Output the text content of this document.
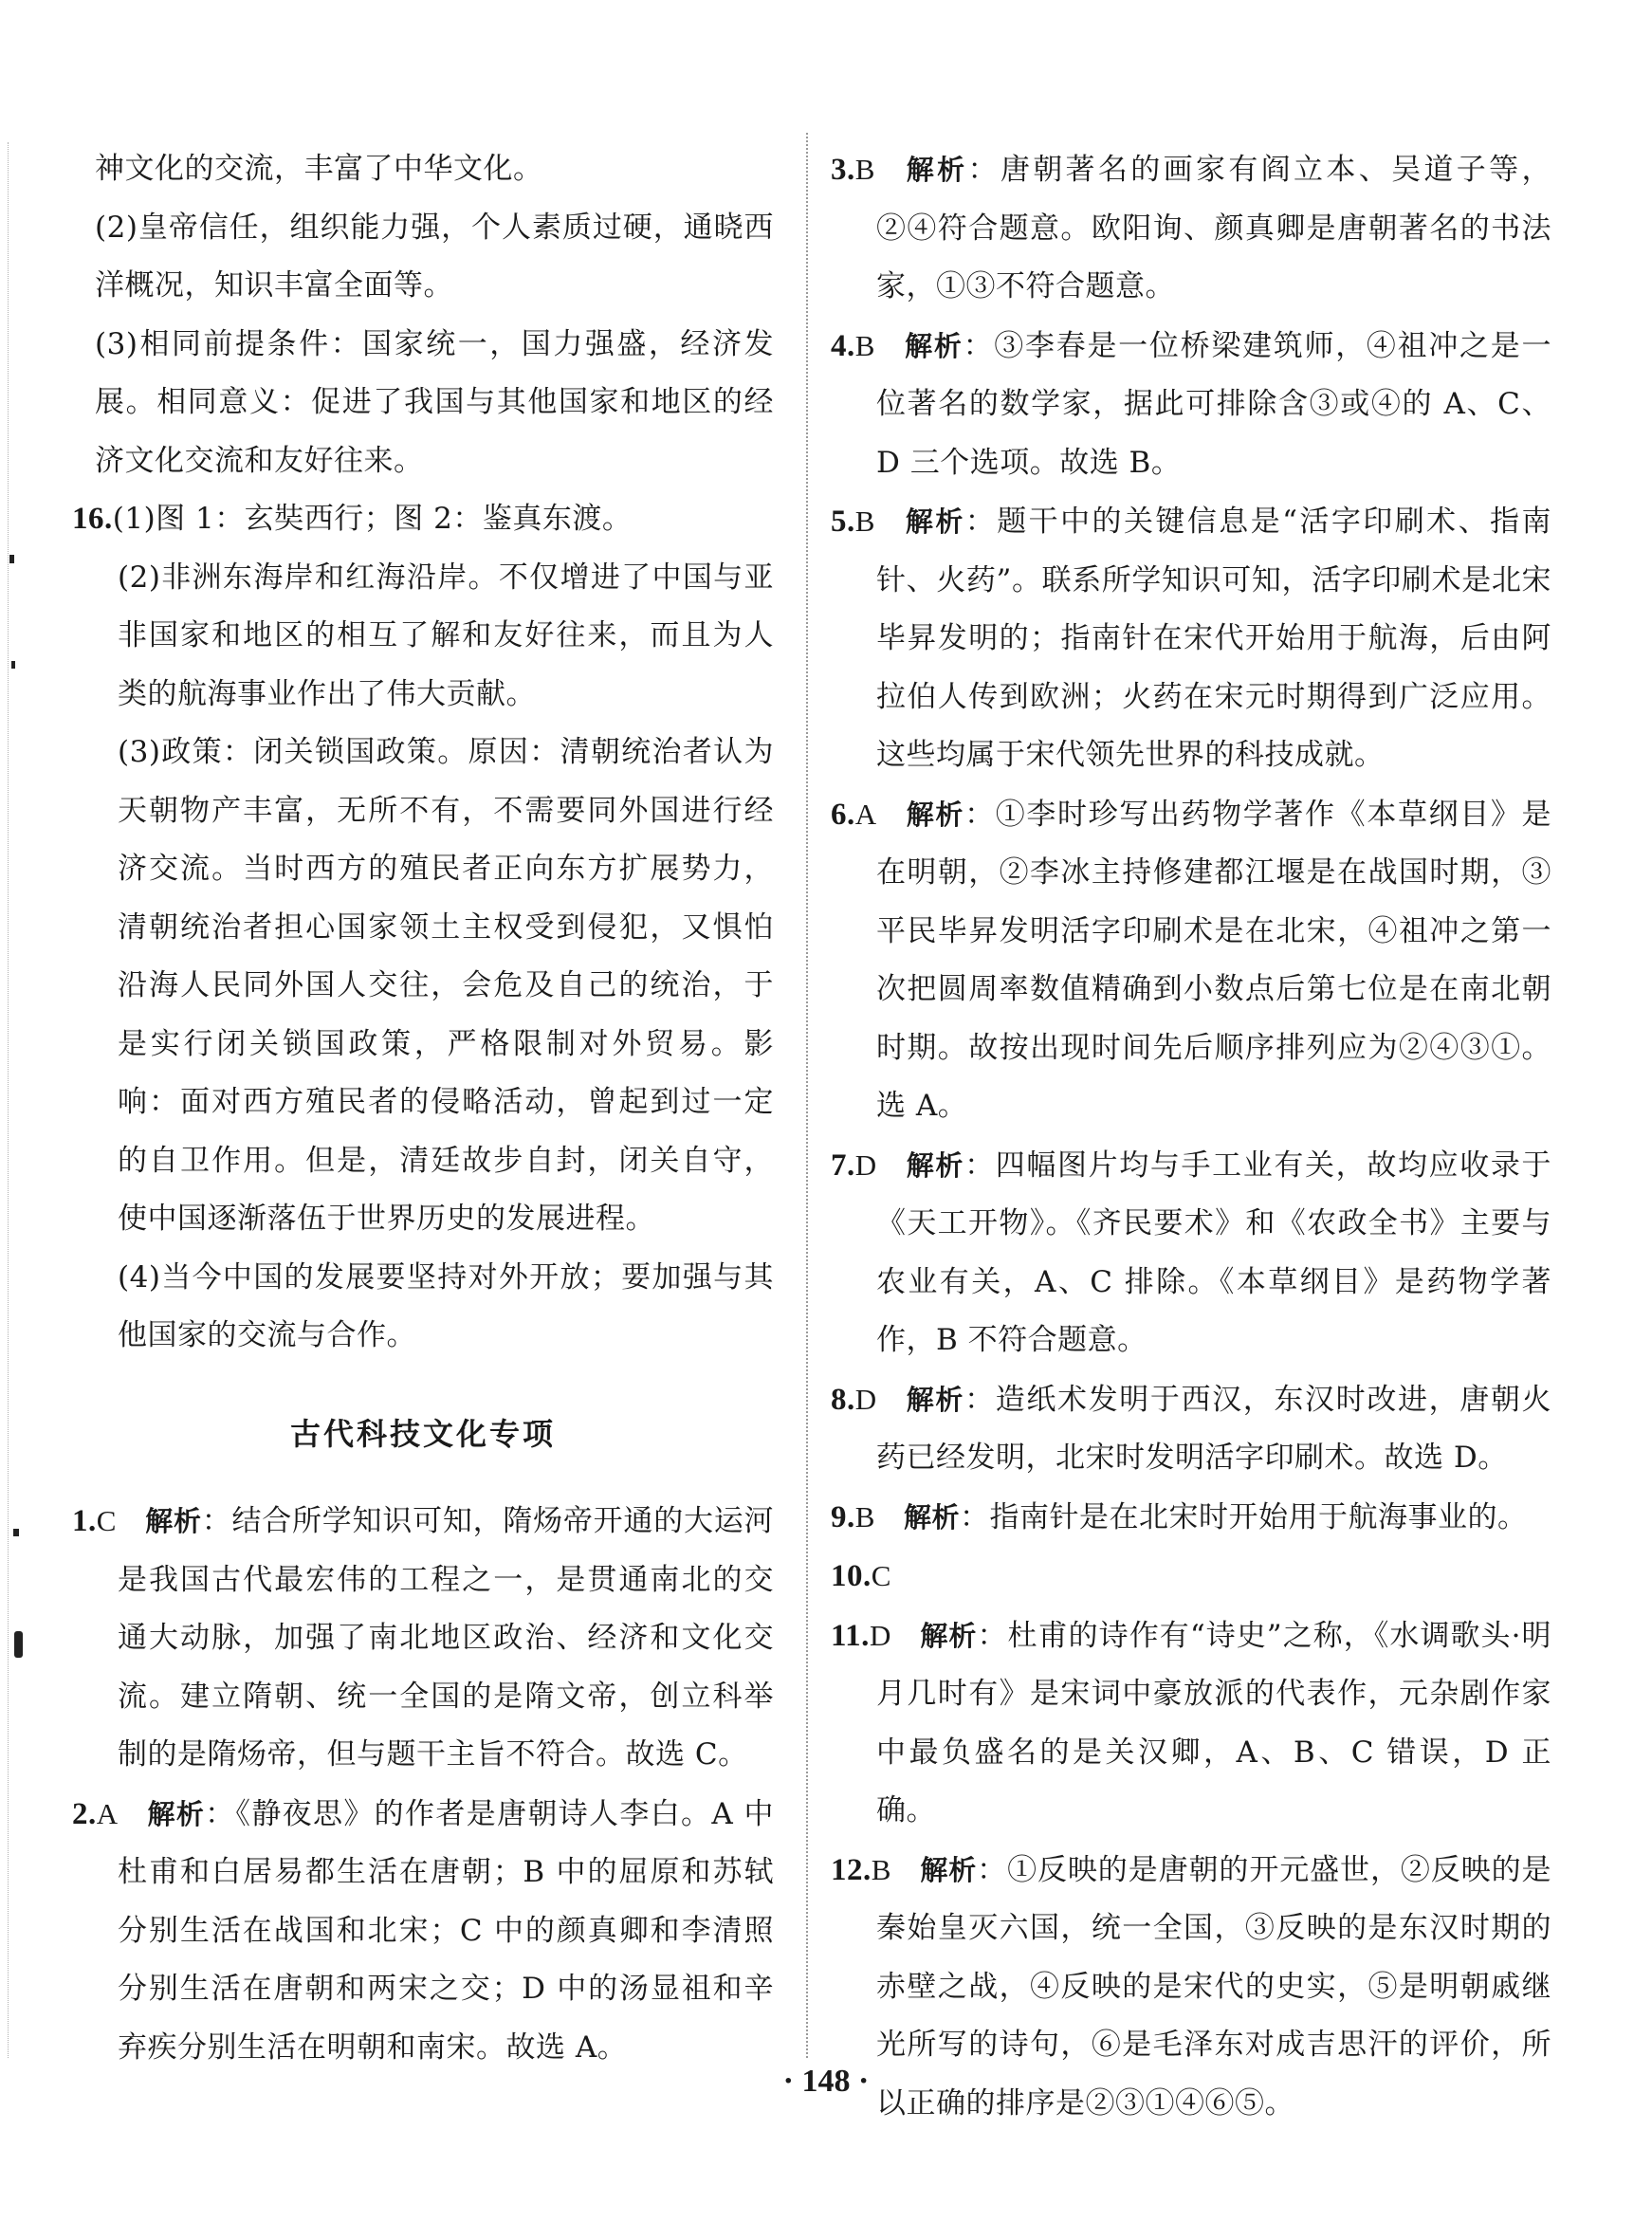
神文化的交流，丰富了中华文化。

(2)皇帝信任，组织能力强，个人素质过硬，通晓西洋概况，知识丰富全面等。

(3)相同前提条件：国家统一，国力强盛，经济发展。相同意义：促进了我国与其他国家和地区的经济文化交流和友好往来。

16.(1)图 1：玄奘西行；图 2：鉴真东渡。

(2)非洲东海岸和红海沿岸。不仅增进了中国与亚非国家和地区的相互了解和友好往来，而且为人类的航海事业作出了伟大贡献。

(3)政策：闭关锁国政策。原因：清朝统治者认为天朝物产丰富，无所不有，不需要同外国进行经济交流。当时西方的殖民者正向东方扩展势力，清朝统治者担心国家领土主权受到侵犯，又惧怕沿海人民同外国人交往，会危及自己的统治，于是实行闭关锁国政策，严格限制对外贸易。影响：面对西方殖民者的侵略活动，曾起到过一定的自卫作用。但是，清廷故步自封，闭关自守，使中国逐渐落伍于世界历史的发展进程。

(4)当今中国的发展要坚持对外开放；要加强与其他国家的交流与合作。

古代科技文化专项

1.C 解析：结合所学知识可知，隋炀帝开通的大运河是我国古代最宏伟的工程之一，是贯通南北的交通大动脉，加强了南北地区政治、经济和文化交流。建立隋朝、统一全国的是隋文帝，创立科举制的是隋炀帝，但与题干主旨不符合。故选 C。

2.A 解析：《静夜思》的作者是唐朝诗人李白。A 中杜甫和白居易都生活在唐朝；B 中的屈原和苏轼分别生活在战国和北宋；C 中的颜真卿和李清照分别生活在唐朝和两宋之交；D 中的汤显祖和辛弃疾分别生活在明朝和南宋。故选 A。

3.B 解析：唐朝著名的画家有阎立本、吴道子等，②④符合题意。欧阳询、颜真卿是唐朝著名的书法家，①③不符合题意。

4.B 解析：③李春是一位桥梁建筑师，④祖冲之是一位著名的数学家，据此可排除含③或④的 A、C、D 三个选项。故选 B。

5.B 解析：题干中的关键信息是“活字印刷术、指南针、火药”。联系所学知识可知，活字印刷术是北宋毕昇发明的；指南针在宋代开始用于航海，后由阿拉伯人传到欧洲；火药在宋元时期得到广泛应用。这些均属于宋代领先世界的科技成就。

6.A 解析：①李时珍写出药物学著作《本草纲目》是在明朝，②李冰主持修建都江堰是在战国时期，③平民毕昇发明活字印刷术是在北宋，④祖冲之第一次把圆周率数值精确到小数点后第七位是在南北朝时期。故按出现时间先后顺序排列应为②④③①。选 A。

7.D 解析：四幅图片均与手工业有关，故均应收录于《天工开物》。《齐民要术》和《农政全书》主要与农业有关，A、C 排除。《本草纲目》是药物学著作，B 不符合题意。

8.D 解析：造纸术发明于西汉，东汉时改进，唐朝火药已经发明，北宋时发明活字印刷术。故选 D。

9.B 解析：指南针是在北宋时开始用于航海事业的。

10.C

11.D 解析：杜甫的诗作有“诗史”之称，《水调歌头·明月几时有》是宋词中豪放派的代表作，元杂剧作家中最负盛名的是关汉卿，A、B、C 错误，D 正确。

12.B 解析：①反映的是唐朝的开元盛世，②反映的是秦始皇灭六国，统一全国，③反映的是东汉时期的赤壁之战，④反映的是宋代的史实，⑤是明朝戚继光所写的诗句，⑥是毛泽东对成吉思汗的评价，所以正确的排序是②③①④⑥⑤。

· 148 ·
